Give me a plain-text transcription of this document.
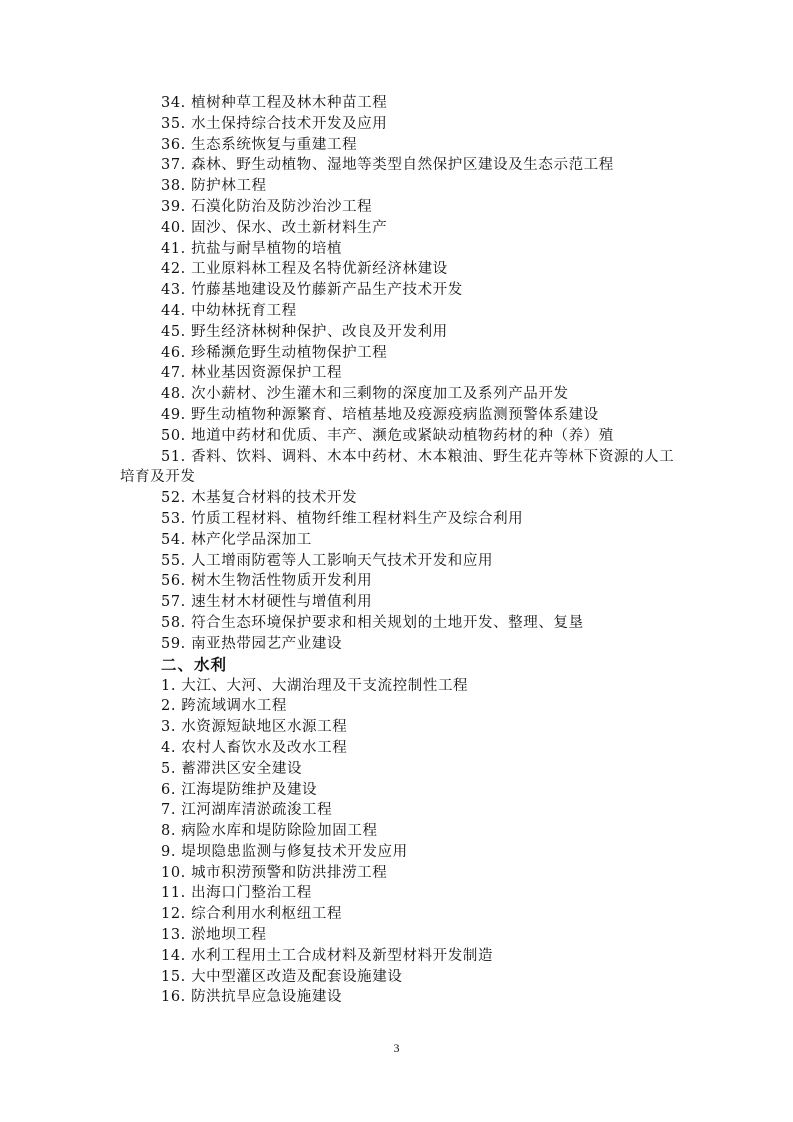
34. 植树种草工程及林木种苗工程
35. 水土保持综合技术开发及应用
36. 生态系统恢复与重建工程
37. 森林、野生动植物、湿地等类型自然保护区建设及生态示范工程
38. 防护林工程
39. 石漠化防治及防沙治沙工程
40. 固沙、保水、改土新材料生产
41. 抗盐与耐旱植物的培植
42. 工业原料林工程及名特优新经济林建设
43. 竹藤基地建设及竹藤新产品生产技术开发
44. 中幼林抚育工程
45. 野生经济林树种保护、改良及开发利用
46. 珍稀濒危野生动植物保护工程
47. 林业基因资源保护工程
48. 次小薪材、沙生灌木和三剩物的深度加工及系列产品开发
49. 野生动植物种源繁育、培植基地及疫源疫病监测预警体系建设
50. 地道中药材和优质、丰产、濒危或紧缺动植物药材的种（养）殖
51. 香料、饮料、调料、木本中药材、木本粮油、野生花卉等林下资源的人工培育及开发
52. 木基复合材料的技术开发
53. 竹质工程材料、植物纤维工程材料生产及综合利用
54. 林产化学品深加工
55. 人工增雨防雹等人工影响天气技术开发和应用
56. 树木生物活性物质开发利用
57. 速生材木材硬性与增值利用
58. 符合生态环境保护要求和相关规划的土地开发、整理、复垦
59. 南亚热带园艺产业建设
二、水利
1. 大江、大河、大湖治理及干支流控制性工程
2. 跨流域调水工程
3. 水资源短缺地区水源工程
4. 农村人畜饮水及改水工程
5. 蓄滞洪区安全建设
6. 江海堤防维护及建设
7. 江河湖库清淤疏浚工程
8. 病险水库和堤防除险加固工程
9. 堤坝隐患监测与修复技术开发应用
10. 城市积涝预警和防洪排涝工程
11. 出海口门整治工程
12. 综合利用水利枢纽工程
13. 淤地坝工程
14. 水利工程用土工合成材料及新型材料开发制造
15. 大中型灌区改造及配套设施建设
16. 防洪抗旱应急设施建设
3
